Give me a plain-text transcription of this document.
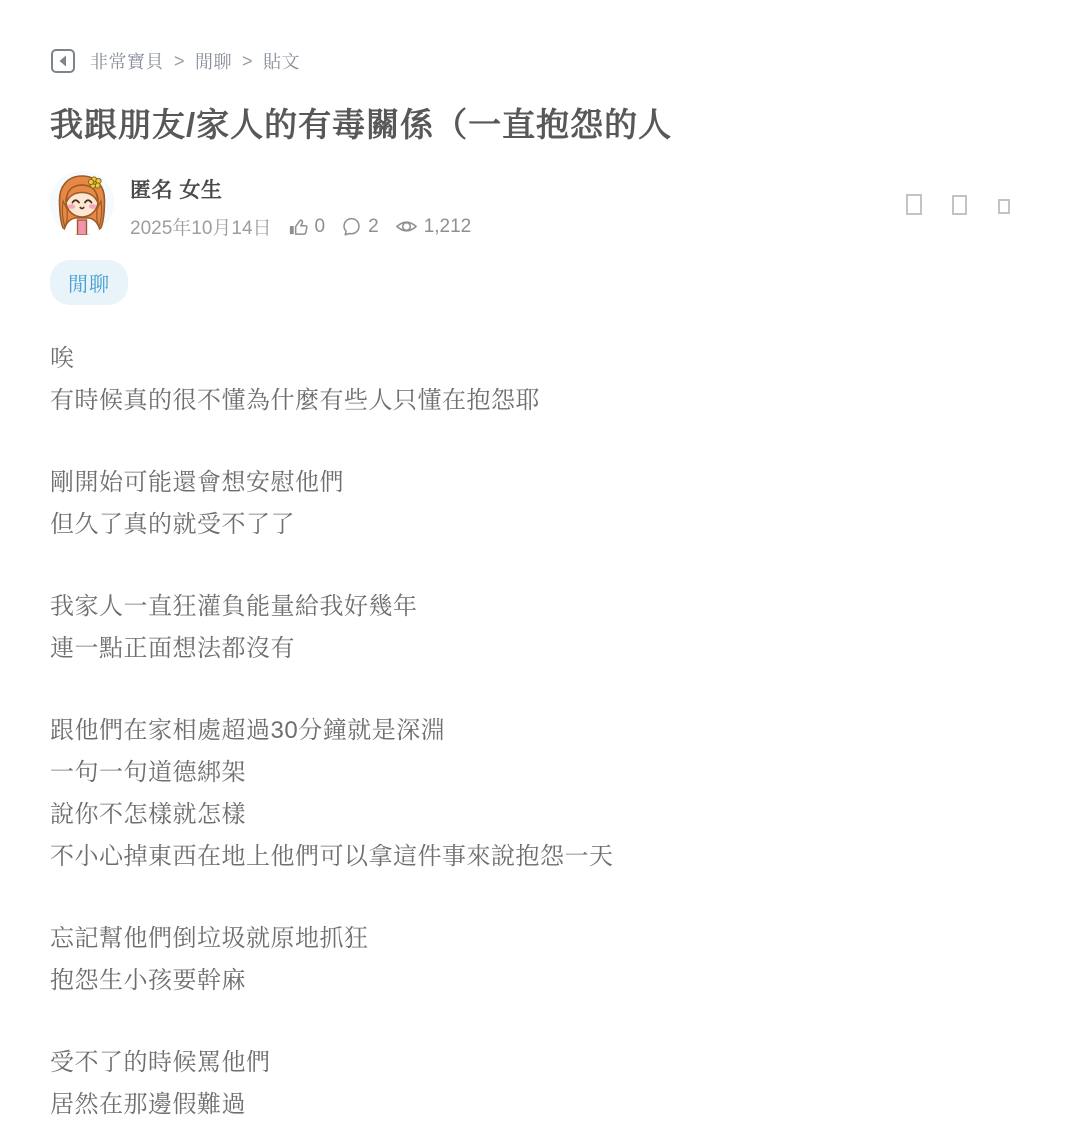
非常寶貝 > 閒聊 > 貼文
我跟朋友/家人的有毒關係（一直抱怨的人
匿名 女生
2025年10月14日 0 2 1,212
閒聊
唉
有時候真的很不懂為什麼有些人只懂在抱怨耶
剛開始可能還會想安慰他們
但久了真的就受不了了
我家人一直狂灌負能量給我好幾年
連一點正面想法都沒有
跟他們在家相處超過30分鐘就是深淵
一句一句道德綁架
說你不怎樣就怎樣
不小心掉東西在地上他們可以拿這件事來說抱怨一天
忘記幫他們倒垃圾就原地抓狂
抱怨生小孩要幹麻
受不了的時候罵他們
居然在那邊假難過
